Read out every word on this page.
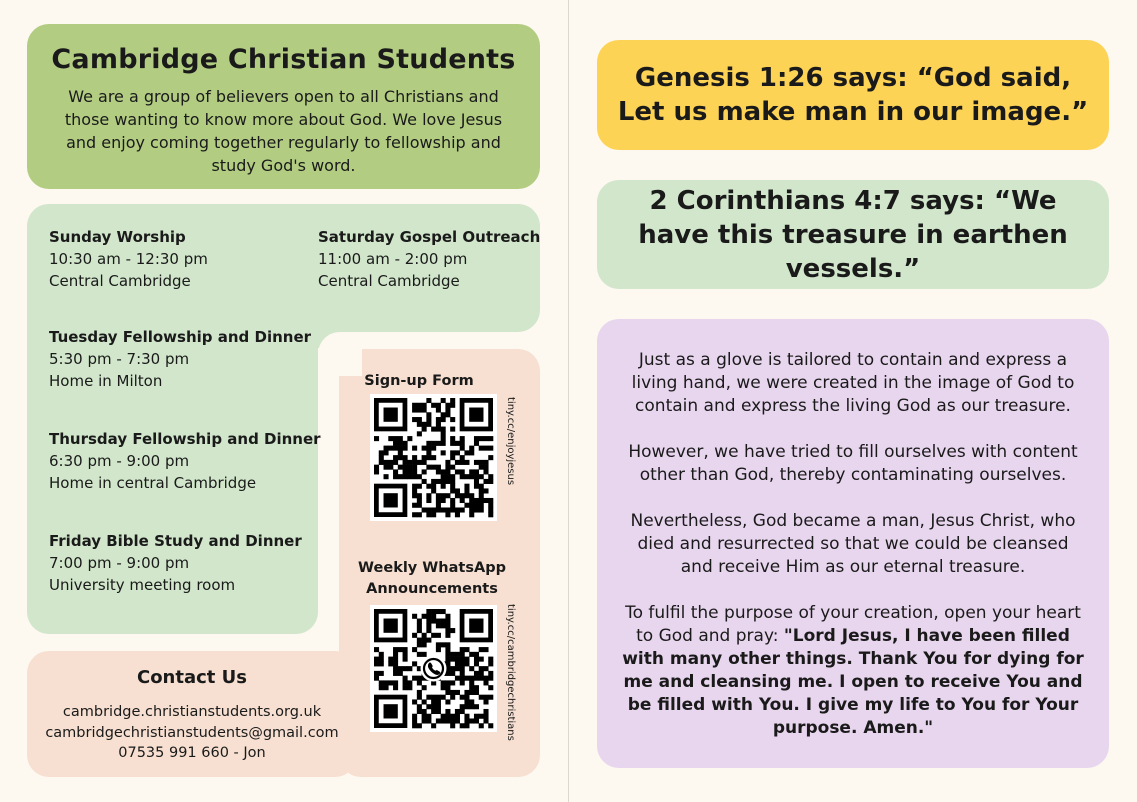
Cambridge Christian Students

We are a group of believers open to all Christians and those wanting to know more about God. We love Jesus and enjoy coming together regularly to fellowship and study God's word.

Sunday Worship
10:30 am - 12:30 pm
Central Cambridge
Saturday Gospel Outreach
11:00 am - 2:00 pm
Central Cambridge
Tuesday Fellowship and Dinner
5:30 pm - 7:30 pm
Home in Milton
Thursday Fellowship and Dinner
6:30 pm - 9:00 pm
Home in central Cambridge
Friday Bible Study and Dinner
7:00 pm - 9:00 pm
University meeting room
Sign-up Form
tiny.cc/enjoyjesus
Weekly WhatsApp
Announcements
tiny.cc/cambridgechristians
Contact Us
cambridge.christianstudents.org.uk
cambridgechristianstudents@gmail.com
07535 991 660 - Jon
Genesis 1:26 says: “God said, Let us make man in our image.”
2 Corinthians 4:7 says: “We have this treasure in earthen vessels.”

Just as a glove is tailored to contain and express a living hand, we were created in the image of God to contain and express the living God as our treasure.

However, we have tried to fill ourselves with content other than God, thereby contaminating ourselves.

Nevertheless, God became a man, Jesus Christ, who died and resurrected so that we could be cleansed and receive Him as our eternal treasure.

To fulfil the purpose of your creation, open your heart to God and pray: "Lord Jesus, I have been filled with many other things. Thank You for dying for me and cleansing me. I open to receive You and be filled with You. I give my life to You for Your purpose. Amen."
